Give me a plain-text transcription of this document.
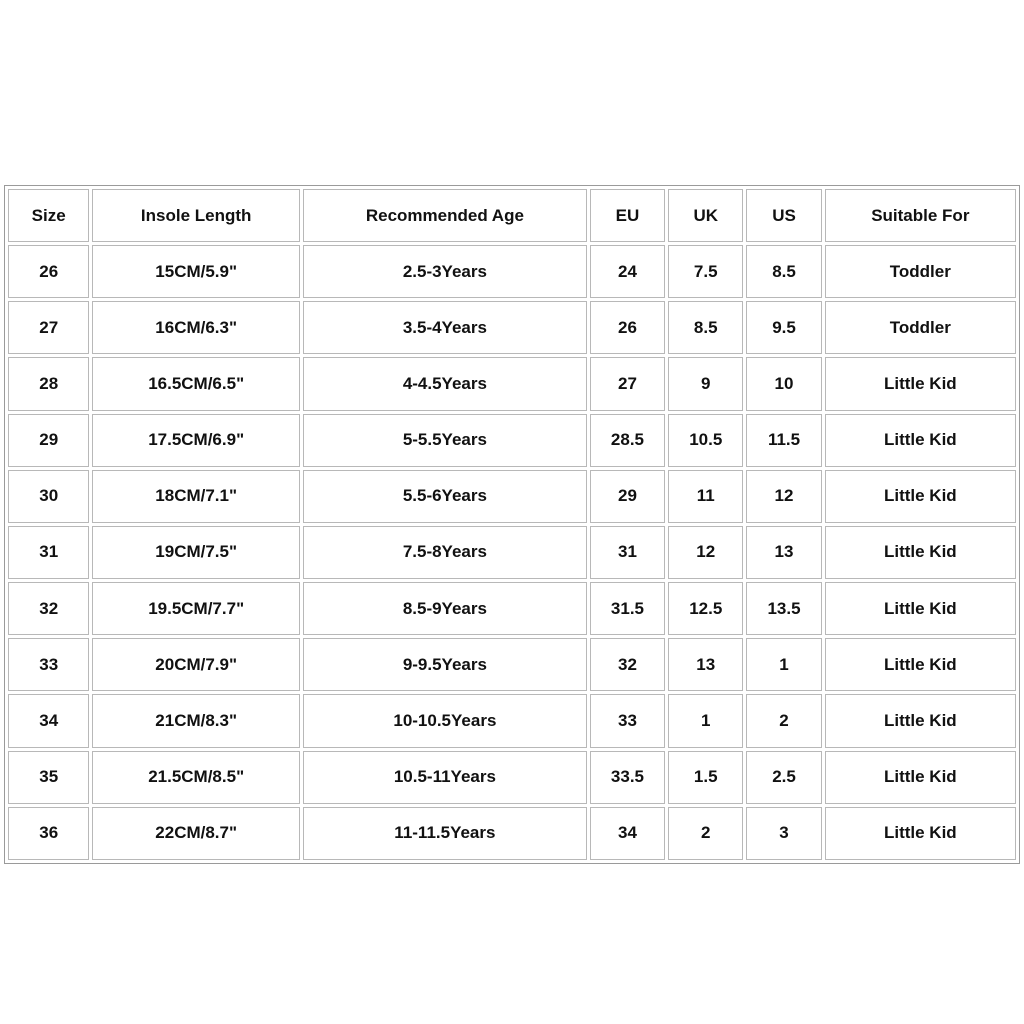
Size	Insole Length	Recommended Age	EU	UK	US	Suitable For
26	15CM/5.9"	2.5-3Years	24	7.5	8.5	Toddler
27	16CM/6.3"	3.5-4Years	26	8.5	9.5	Toddler
28	16.5CM/6.5"	4-4.5Years	27	9	10	Little Kid
29	17.5CM/6.9"	5-5.5Years	28.5	10.5	11.5	Little Kid
30	18CM/7.1"	5.5-6Years	29	11	12	Little Kid
31	19CM/7.5"	7.5-8Years	31	12	13	Little Kid
32	19.5CM/7.7"	8.5-9Years	31.5	12.5	13.5	Little Kid
33	20CM/7.9"	9-9.5Years	32	13	1	Little Kid
34	21CM/8.3"	10-10.5Years	33	1	2	Little Kid
35	21.5CM/8.5"	10.5-11Years	33.5	1.5	2.5	Little Kid
36	22CM/8.7"	11-11.5Years	34	2	3	Little Kid
